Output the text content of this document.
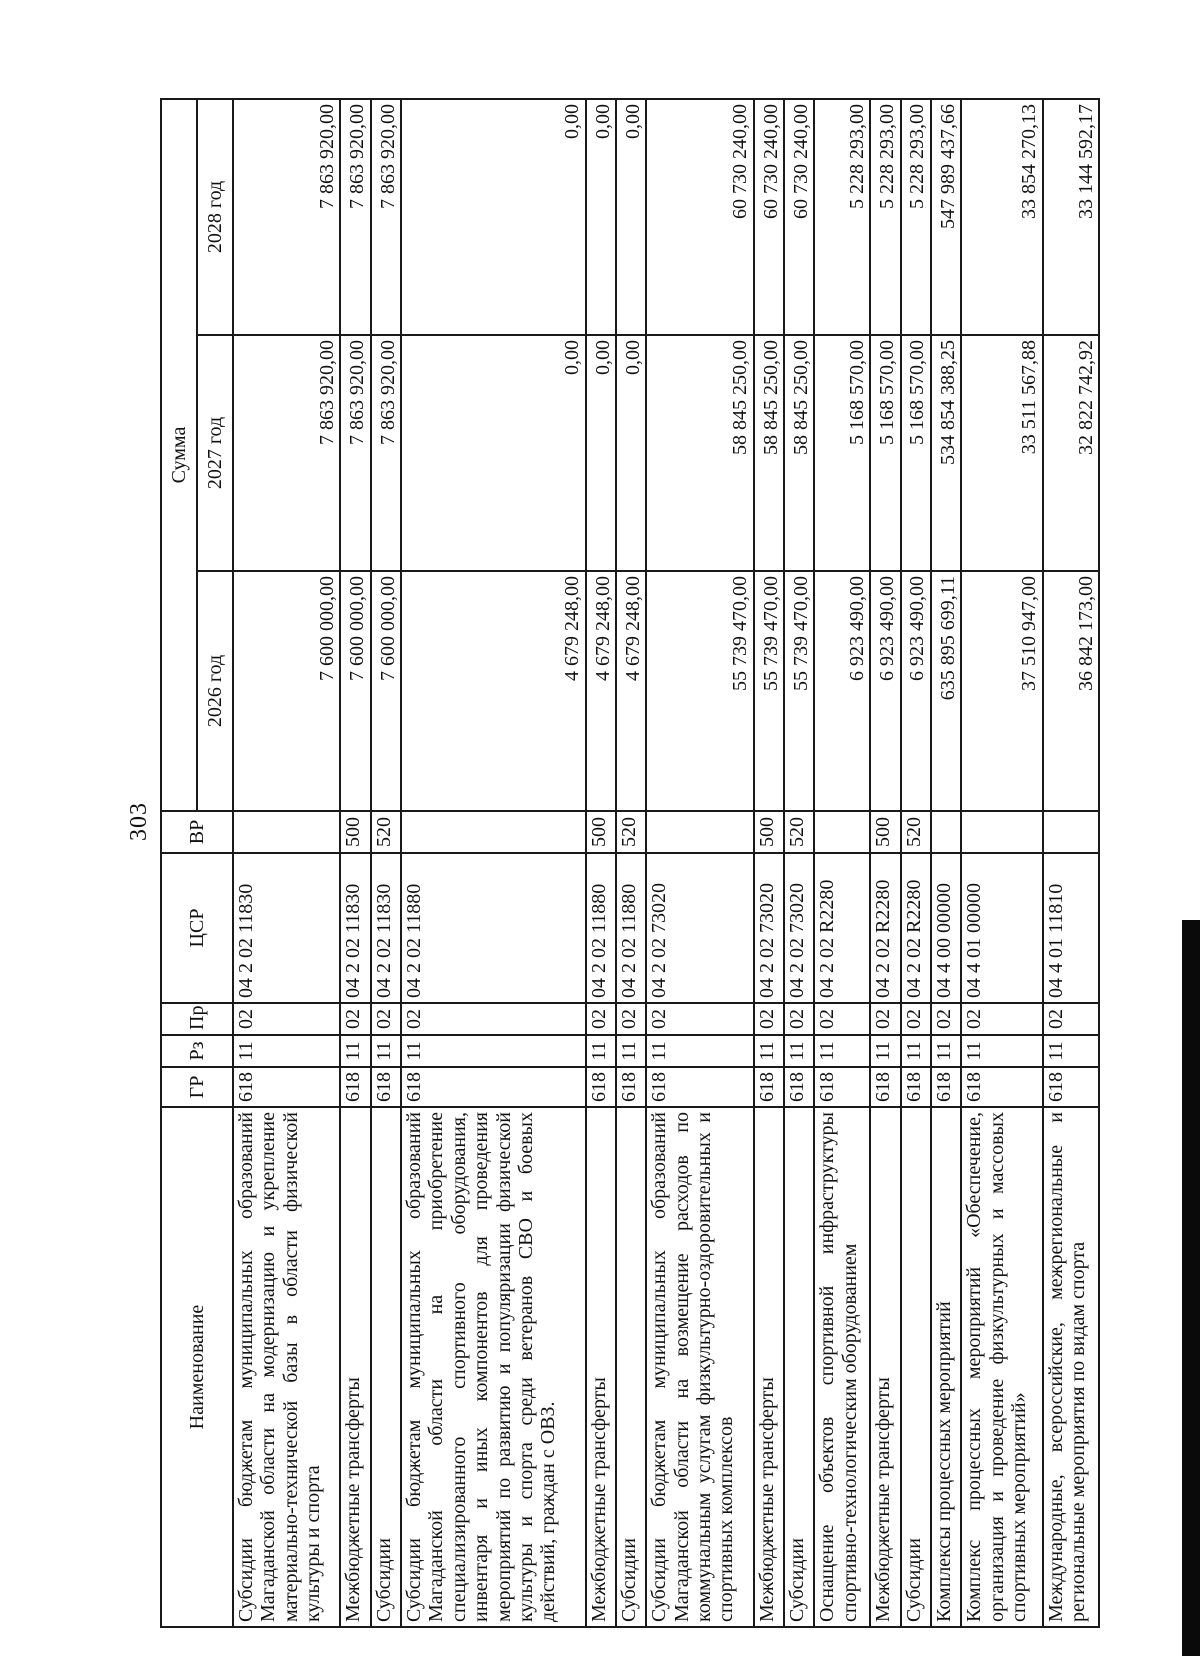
303
Наименование	ГР	Рз	Пр	ЦСР	ВР	Сумма		
						2026 год	2027 год	2028 год
Субсидии бюджетам муниципальных образований Магаданской области на модернизацию и укрепление материально-технической базы в области физической культуры и спорта	618	11	02	04 2 02 11830		7 600 000,00	7 863 920,00	7 863 920,00
Межбюджетные трансферты	618	11	02	04 2 02 11830	500	7 600 000,00	7 863 920,00	7 863 920,00
Субсидии	618	11	02	04 2 02 11830	520	7 600 000,00	7 863 920,00	7 863 920,00
Субсидии бюджетам муниципальных образований Магаданской области на приобретение специализированного спортивного оборудования, инвентаря и иных компонентов для проведения мероприятий по развитию и популяризации физической культуры и спорта среди ветеранов СВО и боевых действий, граждан с ОВЗ.	618	11	02	04 2 02 11880		4 679 248,00	0,00	0,00
Межбюджетные трансферты	618	11	02	04 2 02 11880	500	4 679 248,00	0,00	0,00
Субсидии	618	11	02	04 2 02 11880	520	4 679 248,00	0,00	0,00
Субсидии бюджетам муниципальных образований Магаданской области на возмещение расходов по коммунальным услугам физкультурно-оздоровительных и спортивных комплексов	618	11	02	04 2 02 73020		55 739 470,00	58 845 250,00	60 730 240,00
Межбюджетные трансферты	618	11	02	04 2 02 73020	500	55 739 470,00	58 845 250,00	60 730 240,00
Субсидии	618	11	02	04 2 02 73020	520	55 739 470,00	58 845 250,00	60 730 240,00
Оснащение объектов спортивной инфраструктуры спортивно-технологическим оборудованием	618	11	02	04 2 02 R2280		6 923 490,00	5 168 570,00	5 228 293,00
Межбюджетные трансферты	618	11	02	04 2 02 R2280	500	6 923 490,00	5 168 570,00	5 228 293,00
Субсидии	618	11	02	04 2 02 R2280	520	6 923 490,00	5 168 570,00	5 228 293,00
Комплексы процессных мероприятий	618	11	02	04 4 00 00000		635 895 699,11	534 854 388,25	547 989 437,66
Комплекс процессных мероприятий «Обеспечение, организация и проведение физкультурных и массовых спортивных мероприятий»	618	11	02	04 4 01 00000		37 510 947,00	33 511 567,88	33 854 270,13
Международные, всероссийские, межрегиональные и региональные мероприятия по видам спорта	618	11	02	04 4 01 11810		36 842 173,00	32 822 742,92	33 144 592,17
